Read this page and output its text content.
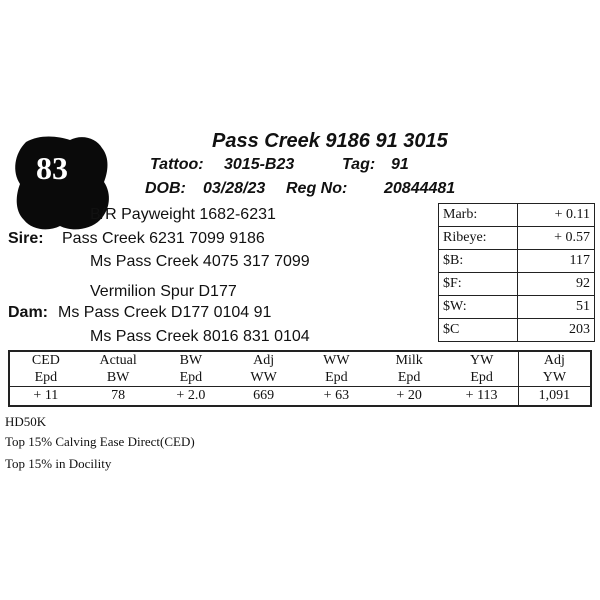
83
Pass Creek 9186 91 3015
Tattoo: 3015-B23	Tag: 91
DOB: 03/28/23 Reg No: 20844481
B/R Payweight 1682-6231
Sire: Pass Creek 6231 7099 9186
Ms Pass Creek 4075 317 7099
Vermilion Spur D177
Dam: Ms Pass Creek D177 0104 91
Ms Pass Creek 8016 831 0104
Marb:	+ 0.11
Ribeye:	+ 0.57
$B:	117
$F:	92
$W:	51
$C	203
CED	Actual	BW	Adj	WW	Milk	YW	Adj
Epd	BW	Epd	WW	Epd	Epd	Epd	YW
+ 11	78	+ 2.0	669	+ 63	+ 20	+ 113	1,091
HD50K
Top 15% Calving Ease Direct(CED)
Top 15% in Docility
